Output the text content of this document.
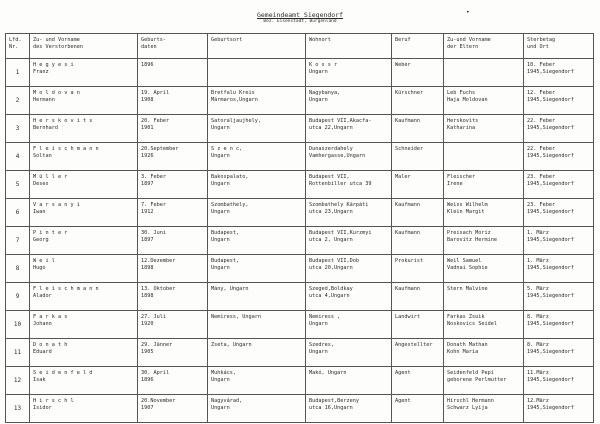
Gemeindeamt Siegendorf
Bez. Eisenstadt, Burgenland
•
Lfd.
Nr.	Zu- und Vorname
des Verstorbenen	Geburts-
daten	Geburtsort	Wohnort	Beruf	Zu-und Vorname
der Eltern	Sterbetag
und Ort

1	H e g y e s i
Franz	1896		K o s s r
Ungarn	Weber		10. Feber
1945,Siegendorf

2	M o l d o v a n
Hermann	19. April
1908	Bretfalu Kreis
Mármaros,Ungarn	Nagybanya,
Ungarn	Kürschner	Leb Fuchs
Haja Moldovan	12. Feber
1945,Siegendorf

3	H e r s k o v i t s
Bernhard	20. Feber
1901	Satoraljaujhely,
Ungarn	Budapest VII,Akacfa-
utca 22,Ungarn	Kaufmann	Herskovits
Katharina	22. Feber
1945,Siegendorf

4	F l e i s c h m a n n
Soltan	20.September
1926	S z e n c,
Ungarn	Dunaszerdahely
Vamhergasse,Ungarn	Schneider		22. Feber
1945,Siegendorf

5	M ü l l e r
Deses	3. Feber
1897	Bakospalato,
Ungarn	Budapest VII,
Rottenbiller utca 39	Maler	Fleischer
Irene	23. Feber
1945,Siegendorf

6	V a r s a n y i
Iwan	7. Feber
1912	Szombathely,
Ungarn	Szombathely Kárpáti
utca 23,Ungarn	Kaufmann	Weiss Wilhelm
Klein Margit	23. Feber
1945,Siegendorf

7	P i n t e r
Georg	30. Juni
1897	Budapest,
Ungarn	Budapest VII,Kurzmyi
utca 2, Ungarn	Kaufmann	Preisach Moriz
Barovitz Hermine	1. März
1945,Siegendorf

8	W e i l
Hugo	12.Dezember
1898	Budapest,
Ungarn	Budapest VII,Dob
utca 20,Ungarn	Prokurist	Weil Samuel
Vadnai Sophie	1. März
1945,Siegendorf

9	F l e i s c h m a n n
Alador	13. Oktober
1898	Mány, Ungarn	Szeged,Boldkay
utca 4,Ungarn	Kaufmann	Stern Malvine	5. März
1945,Siegendorf

10	F a r k a s
Johann	27. Juli
1920	Nemiress, Ungarn	Nemiress ,
Ungarn	Landwirt	Farkas Zsuik
Noskovics Seidel	8. März
1945,Siegendorf

11	D o n a t h
Eduard	29. Jänner
1905	Zseta, Ungarn	Szedres,
Ungarn	Angestellter	Donath Mathan
Kohn Maria	8. März
1945,Siegendorf

12	S e i d e n f e l d
Isak	30. April
1896	Muhkács,
Ungarn	Makó, Ungarn	Agent	Seidenfeld Pepi
geborene Perlmutter	11.März
1945,Siegendorf

13	H i r s c h l
Isidor	20.November
1907	Nagyvárad,
Ungarn	Budapest,Berzeny
utca 16,Ungarn	Agent	Hirschl Hermann
Schwarz Lyija	12.März
1945,Siegendorf
